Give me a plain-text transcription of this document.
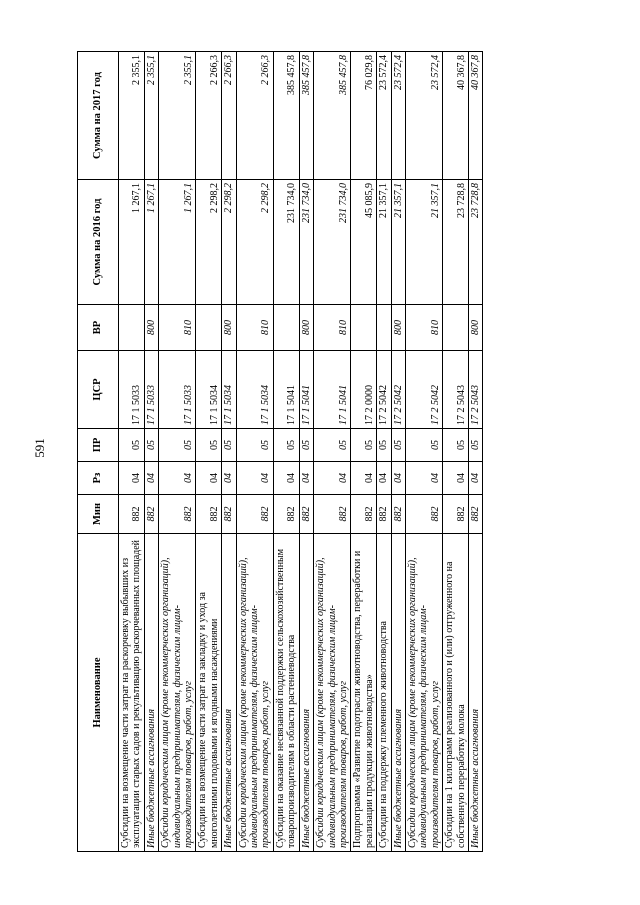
591
Наименование	Мин	Рз	ПР	ЦСР	ВР	Сумма на 2016 год	Сумма на 2017 год
Субсидии на возмещение части затрат на раскорчевку выбывших из эксплуатации старых садов и рекультивацию раскорчеванных площадей	882	04	05	17 1 5033		1 267,1	2 355,1
Иные бюджетные ассигнования	882	04	05	17 1 5033	800	1 267,1	2 355,1
Субсидии юридическим лицам (кроме некоммерческих организаций), индивидуальным предпринимателям, физическим лицам-производителям товаров, работ, услуг	882	04	05	17 1 5033	810	1 267,1	2 355,1
Субсидии на возмещение части затрат на закладку и уход за многолетними плодовыми и ягодными насаждениями	882	04	05	17 1 5034		2 298,2	2 266,3
Иные бюджетные ассигнования	882	04	05	17 1 5034	800	2 298,2	2 266,3
Субсидии юридическим лицам (кроме некоммерческих организаций), индивидуальным предпринимателям, физическим лицам-производителям товаров, работ, услуг	882	04	05	17 1 5034	810	2 298,2	2 266,3
Субсидии на оказание несвязанной поддержки сельскохозяйственным товаропроизводителям в области растениеводства	882	04	05	17 1 5041		231 734,0	385 457,8
Иные бюджетные ассигнования	882	04	05	17 1 5041	800	231 734,0	385 457,8
Субсидии юридическим лицам (кроме некоммерческих организаций), индивидуальным предпринимателям, физическим лицам-производителям товаров, работ, услуг	882	04	05	17 1 5041	810	231 734,0	385 457,8
Подпрограмма «Развитие подотрасли животноводства, переработки и реализации продукции животноводства»	882	04	05	17 2 0000		45 085,9	76 029,8
Субсидии на поддержку племенного животноводства	882	04	05	17 2 5042		21 357,1	23 572,4
Иные бюджетные ассигнования	882	04	05	17 2 5042	800	21 357,1	23 572,4
Субсидии юридическим лицам (кроме некоммерческих организаций), индивидуальным предпринимателям, физическим лицам-производителям товаров, работ, услуг	882	04	05	17 2 5042	810	21 357,1	23 572,4
Субсидии на 1 килограмм реализованного и (или) отгруженного на собственную переработку молока	882	04	05	17 2 5043		23 728,8	40 367,8
Иные бюджетные ассигнования	882	04	05	17 2 5043	800	23 728,8	40 367,8
